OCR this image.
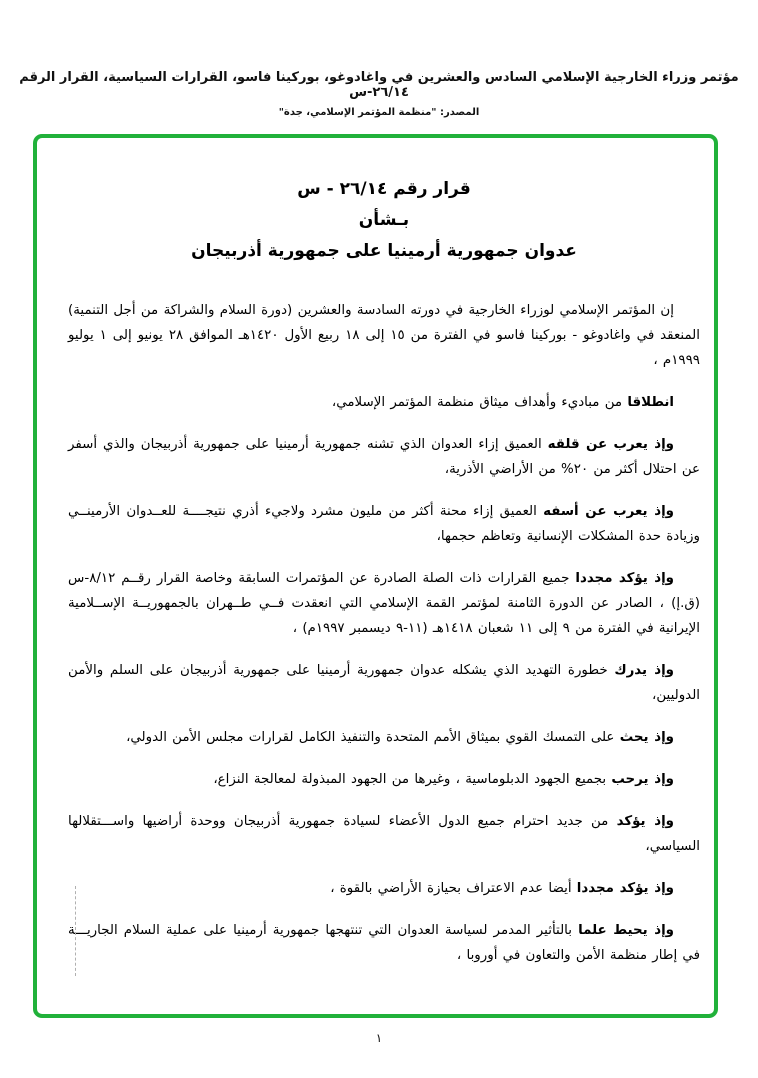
مؤتمر وزراء الخارجية الإسلامي السادس والعشرين في واغادوغو، بوركينا فاسو، القرارات السياسية، القرار الرقم ٢٦/١٤-س
المصدر: "منظمة المؤتمر الإسلامي، جدة"
قرار رقم ٢٦/١٤ - س
بـشأن
عدوان جمهورية أرمينيا على جمهورية أذربيجان

إن المؤتمر الإسلامي لوزراء الخارجية في دورته السادسة والعشرين (دورة السلام والشراكة من أجل التنمية) المنعقد في واغادوغو - بوركينا فاسو في الفترة من ١٥ إلى ١٨ ربيع الأول ١٤٢٠هـ الموافق ٢٨ يونيو إلى ١ يوليو ١٩٩٩م ،

انطلاقا من مباديء وأهداف ميثاق منظمة المؤتمر الإسلامي،

وإذ يعرب عن قلقه العميق إزاء العدوان الذي تشنه جمهورية أرمينيا على جمهورية أذربيجان والذي أسفر عن احتلال أكثر من ٢٠% من الأراضي الأذرية،

وإذ يعرب عن أسفه العميق إزاء محنة أكثر من مليون مشرد ولاجيء أذري نتيجــــة للعــدوان الأرمينــي وزيادة حدة المشكلات الإنسانية وتعاظم حجمها،

وإذ يؤكد مجددا جميع القرارات ذات الصلة الصادرة عن المؤتمرات السابقة وخاصة القرار رقــم ٨/١٢-س (ق.إ) ، الصادر عن الدورة الثامنة لمؤتمر القمة الإسلامي التي انعقدت فــي طــهران بالجمهوريــة الإســلامية الإيرانية في الفترة من ٩ إلى ١١ شعبان ١٤١٨هـ (١١-٩ ديسمبر ١٩٩٧م) ،

وإذ يدرك خطورة التهديد الذي يشكله عدوان جمهورية أرمينيا على جمهورية أذربيجان على السلم والأمن الدوليين،

وإذ يحث على التمسك القوي بميثاق الأمم المتحدة والتنفيذ الكامل لقرارات مجلس الأمن الدولي،

وإذ يرحب بجميع الجهود الدبلوماسية ، وغيرها من الجهود المبذولة لمعالجة النزاع،

وإذ يؤكد من جديد احترام جميع الدول الأعضاء لسيادة جمهورية أذربيجان ووحدة أراضيها واســـتقلالها السياسي،

وإذ يؤكد مجددا أيضا عدم الاعتراف بحيازة الأراضي بالقوة ،

وإذ يحيط علما بالتأثير المدمر لسياسة العدوان التي تنتهجها جمهورية أرمينيا على عملية السلام الجاريـــة في إطار منظمة الأمن والتعاون في أوروبا ،

١
